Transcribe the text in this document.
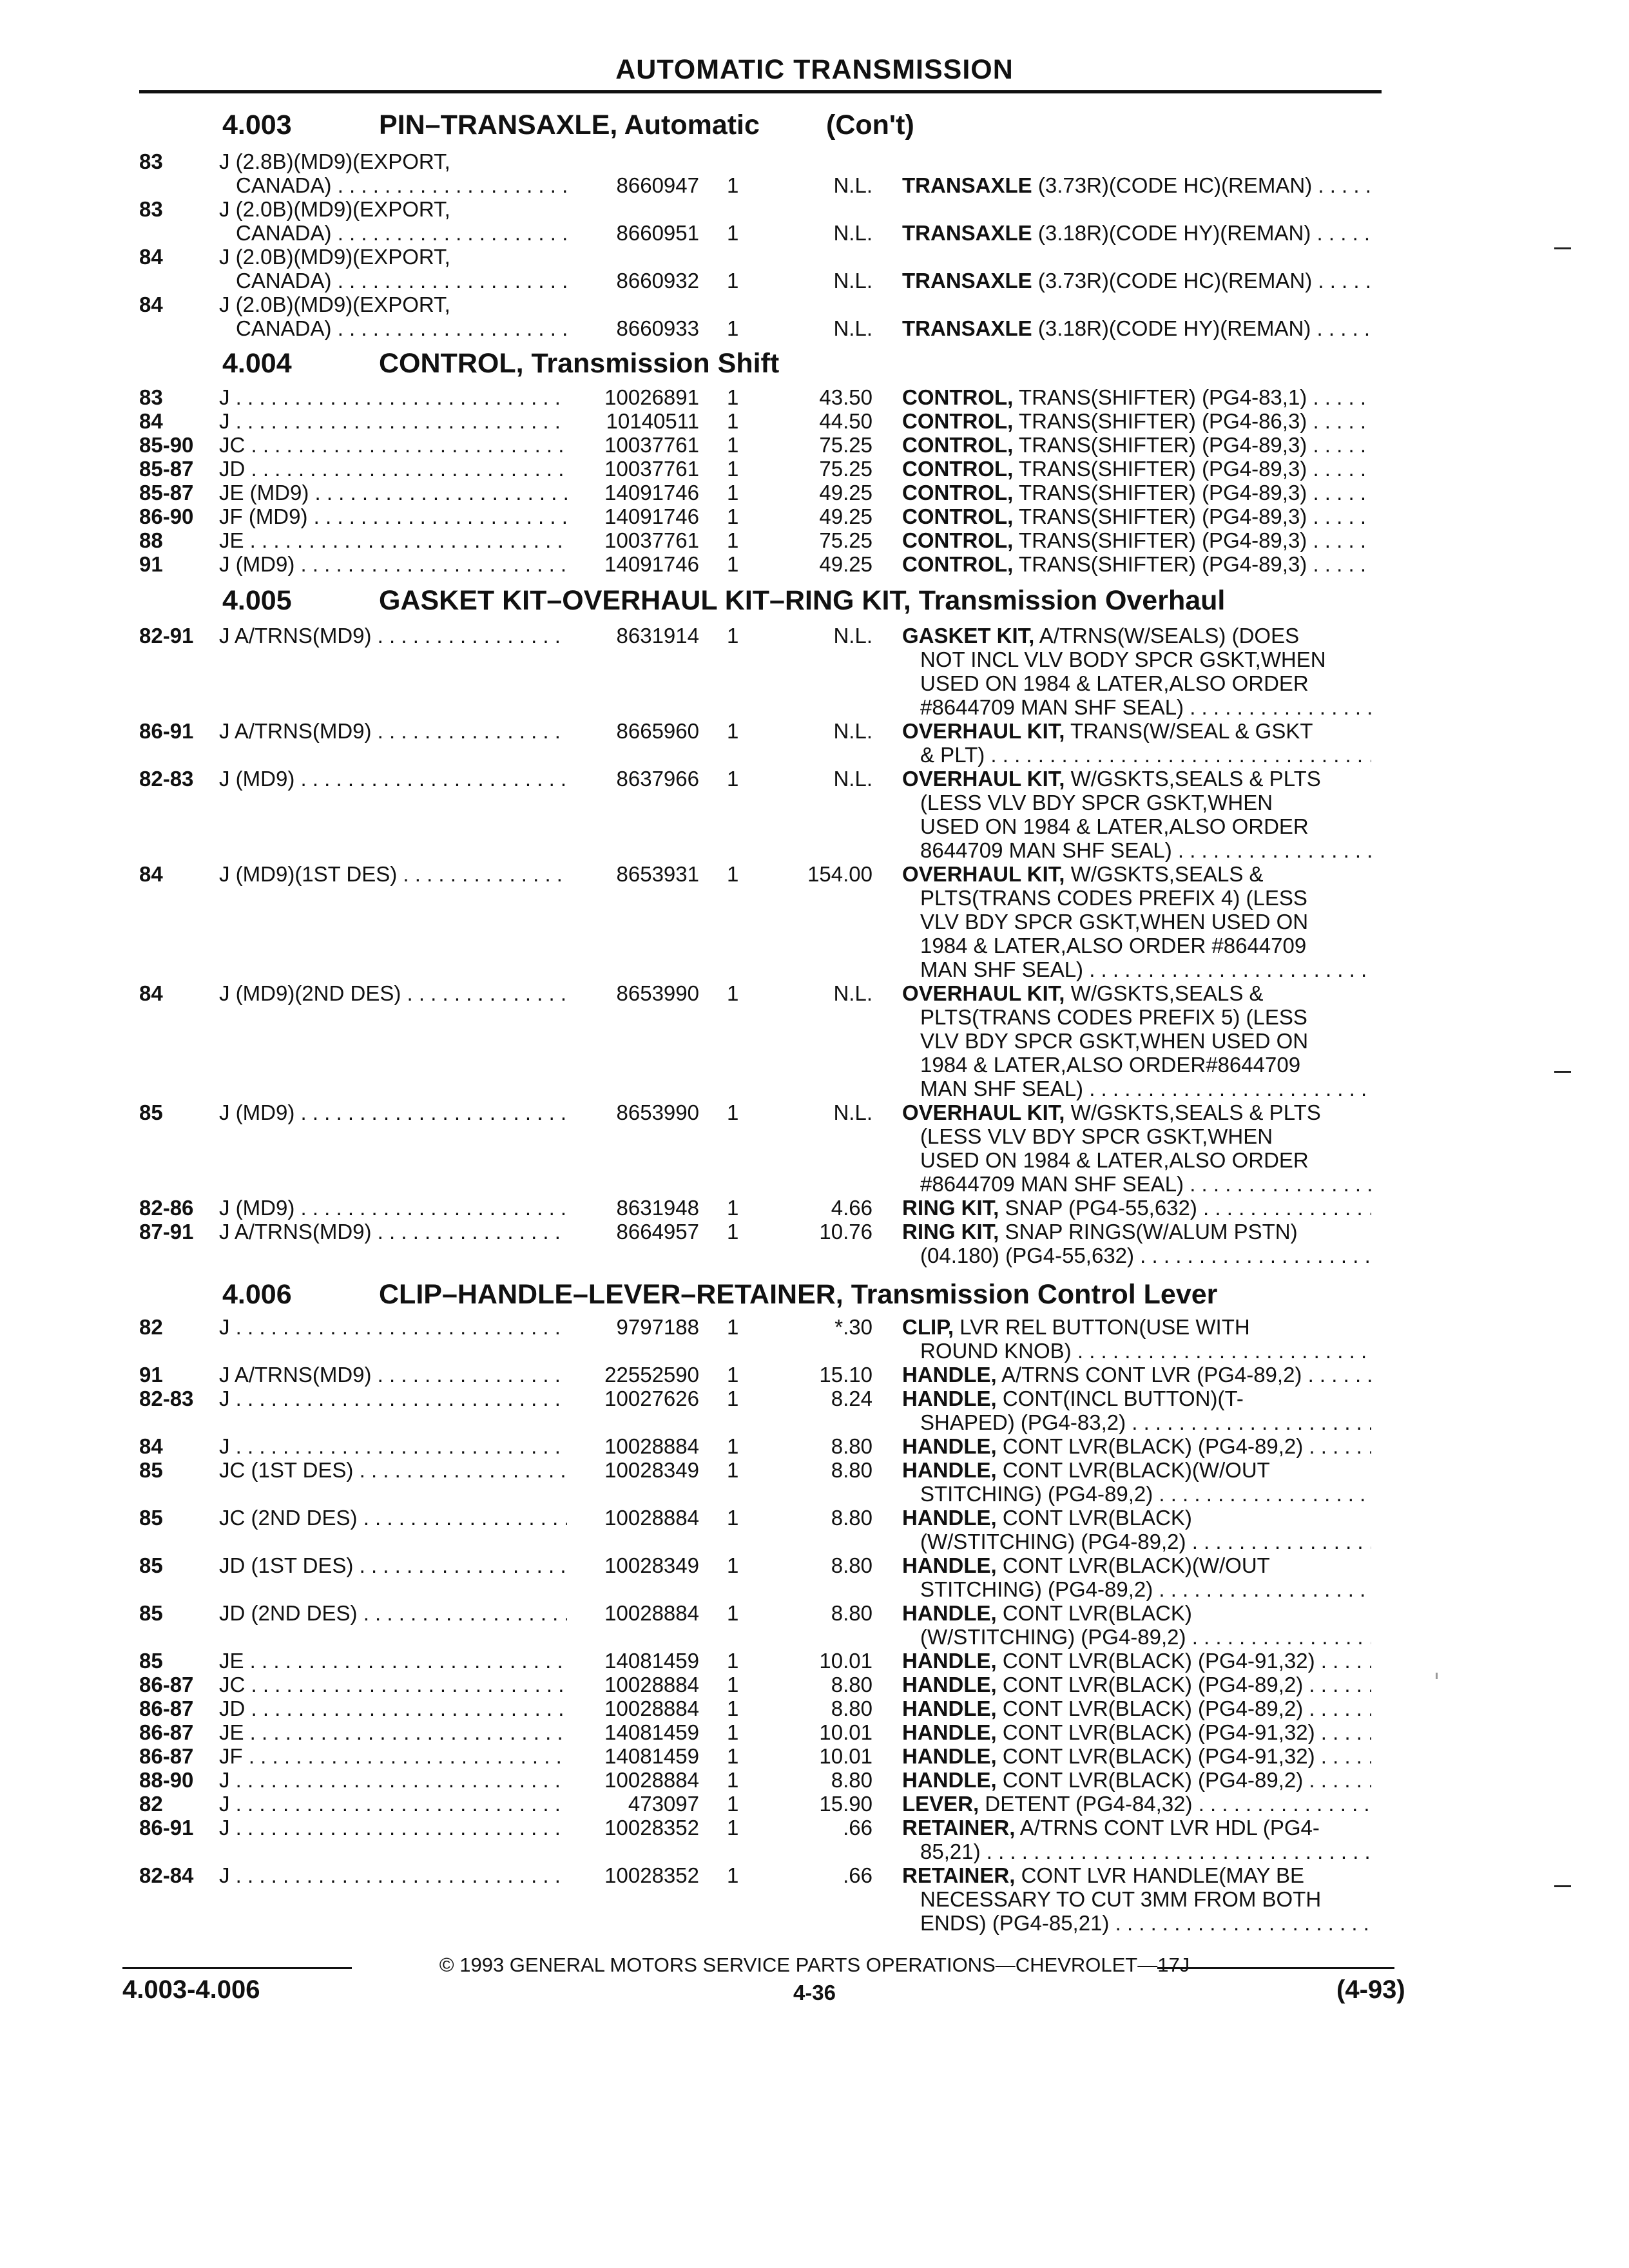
AUTOMATIC TRANSMISSION
4.003	PIN–TRANSAXLE, Automatic (Con't)
4.004	CONTROL, Transmission Shift
4.005	GASKET KIT–OVERHAUL KIT–RING KIT, Transmission Overhaul
4.006	CLIP–HANDLE–LEVER–RETAINER, Transmission Control Lever
83	J (2.8B)(MD9)(EXPORT,
CANADA) . . .	8660947 1	N.L. TRANSAXLE (3.73R)(CODE HC)(REMAN) . . .
83	J (2.0B)(MD9)(EXPORT,
CANADA) . . .	8660951 1	N.L. TRANSAXLE (3.18R)(CODE HY)(REMAN) . . .
84	J (2.0B)(MD9)(EXPORT,
CANADA) . . .	8660932 1	N.L. TRANSAXLE (3.73R)(CODE HC)(REMAN) . . .
84	J (2.0B)(MD9)(EXPORT,
CANADA) . . .	8660933 1	N.L. TRANSAXLE (3.18R)(CODE HY)(REMAN) . . .
83	J . . .	10026891 1	43.50 CONTROL, TRANS(SHIFTER) (PG4-83,1) . . .
84	J . . .	10140511 1	44.50 CONTROL, TRANS(SHIFTER) (PG4-86,3) . . .
85-90 JC . . .	10037761 1	75.25 CONTROL, TRANS(SHIFTER) (PG4-89,3) . . .
85-87 JD . . .	10037761 1	75.25 CONTROL, TRANS(SHIFTER) (PG4-89,3) . . .
85-87 JE (MD9) . . .	14091746 1	49.25 CONTROL, TRANS(SHIFTER) (PG4-89,3) . . .
86-90 JF (MD9) . . .	14091746 1	49.25 CONTROL, TRANS(SHIFTER) (PG4-89,3) . . .
88	JE . . .	10037761 1	75.25 CONTROL, TRANS(SHIFTER) (PG4-89,3) . . .
91	J (MD9) . . .	14091746 1	49.25 CONTROL, TRANS(SHIFTER) (PG4-89,3) . . .
82-91 J A/TRNS(MD9) . . .	8631914 1	N.L. GASKET KIT, A/TRNS(W/SEALS) (DOES
NOT INCL VLV BODY SPCR GSKT,WHEN
USED ON 1984 & LATER,ALSO ORDER
#8644709 MAN SHF SEAL) . . .
86-91 J A/TRNS(MD9) . . .	8665960 1	N.L. OVERHAUL KIT, TRANS(W/SEAL & GSKT
& PLT) . . .
82-83 J (MD9) . . .	8637966 1	N.L. OVERHAUL KIT, W/GSKTS,SEALS & PLTS
(LESS VLV BDY SPCR GSKT,WHEN
USED ON 1984 & LATER,ALSO ORDER
8644709 MAN SHF SEAL) . . .
84	J (MD9)(1ST DES) . . .	8653931 1	154.00 OVERHAUL KIT, W/GSKTS,SEALS &
PLTS(TRANS CODES PREFIX 4) (LESS
VLV BDY SPCR GSKT,WHEN USED ON
1984 & LATER,ALSO ORDER #8644709
MAN SHF SEAL) . . .
84	J (MD9)(2ND DES) . . .	8653990 1	N.L. OVERHAUL KIT, W/GSKTS,SEALS &
PLTS(TRANS CODES PREFIX 5) (LESS
VLV BDY SPCR GSKT,WHEN USED ON
1984 & LATER,ALSO ORDER#8644709
MAN SHF SEAL) . . .
85	J (MD9) . . .	8653990 1	N.L. OVERHAUL KIT, W/GSKTS,SEALS & PLTS
(LESS VLV BDY SPCR GSKT,WHEN
USED ON 1984 & LATER,ALSO ORDER
#8644709 MAN SHF SEAL) . . .
82-86 J (MD9) . . .	8631948 1	4.66 RING KIT, SNAP (PG4-55,632) . . .
87-91 J A/TRNS(MD9) . . .	8664957 1	10.76 RING KIT, SNAP RINGS(W/ALUM PSTN)
(04.180) (PG4-55,632) . . .
82	J . . .	9797188 1	*.30 CLIP, LVR REL BUTTON(USE WITH
ROUND KNOB) . . .
91	J A/TRNS(MD9) . . .	22552590 1	15.10 HANDLE, A/TRNS CONT LVR (PG4-89,2) . . .
82-83 J . . .	10027626 1	8.24 HANDLE, CONT(INCL BUTTON)(T-
SHAPED) (PG4-83,2) . . .
84	J . . .	10028884 1	8.80 HANDLE, CONT LVR(BLACK) (PG4-89,2) . . .
85	JC (1ST DES) . . .	10028349 1	8.80 HANDLE, CONT LVR(BLACK)(W/OUT
STITCHING) (PG4-89,2) . . .
85	JC (2ND DES) . . .	10028884 1	8.80 HANDLE, CONT LVR(BLACK)
(W/STITCHING) (PG4-89,2) . . .
85	JD (1ST DES) . . .	10028349 1	8.80 HANDLE, CONT LVR(BLACK)(W/OUT
STITCHING) (PG4-89,2) . . .
85	JD (2ND DES) . . .	10028884 1	8.80 HANDLE, CONT LVR(BLACK)
(W/STITCHING) (PG4-89,2) . . .
85	JE . . .	14081459 1	10.01 HANDLE, CONT LVR(BLACK) (PG4-91,32) . . .
86-87 JC . . .	10028884 1	8.80 HANDLE, CONT LVR(BLACK) (PG4-89,2) . . .
86-87 JD . . .	10028884 1	8.80 HANDLE, CONT LVR(BLACK) (PG4-89,2) . . .
86-87 JE . . .	14081459 1	10.01 HANDLE, CONT LVR(BLACK) (PG4-91,32) . . .
86-87 JF . . .	14081459 1	10.01 HANDLE, CONT LVR(BLACK) (PG4-91,32) . . .
88-90 J . . .	10028884 1	8.80 HANDLE, CONT LVR(BLACK) (PG4-89,2) . . .
82	J . . .	473097 1	15.90 LEVER, DETENT (PG4-84,32) . . .
86-91 J . . .	10028352 1	.66 RETAINER, A/TRNS CONT LVR HDL (PG4-
85,21) . . .
82-84 J . . .	10028352 1	.66 RETAINER, CONT LVR HANDLE(MAY BE
NECESSARY TO CUT 3MM FROM BOTH
ENDS) (PG4-85,21) . . .
© 1993 GENERAL MOTORS SERVICE PARTS OPERATIONS—CHEVROLET—17J
4.003-4.006	4-36	(4-93)
